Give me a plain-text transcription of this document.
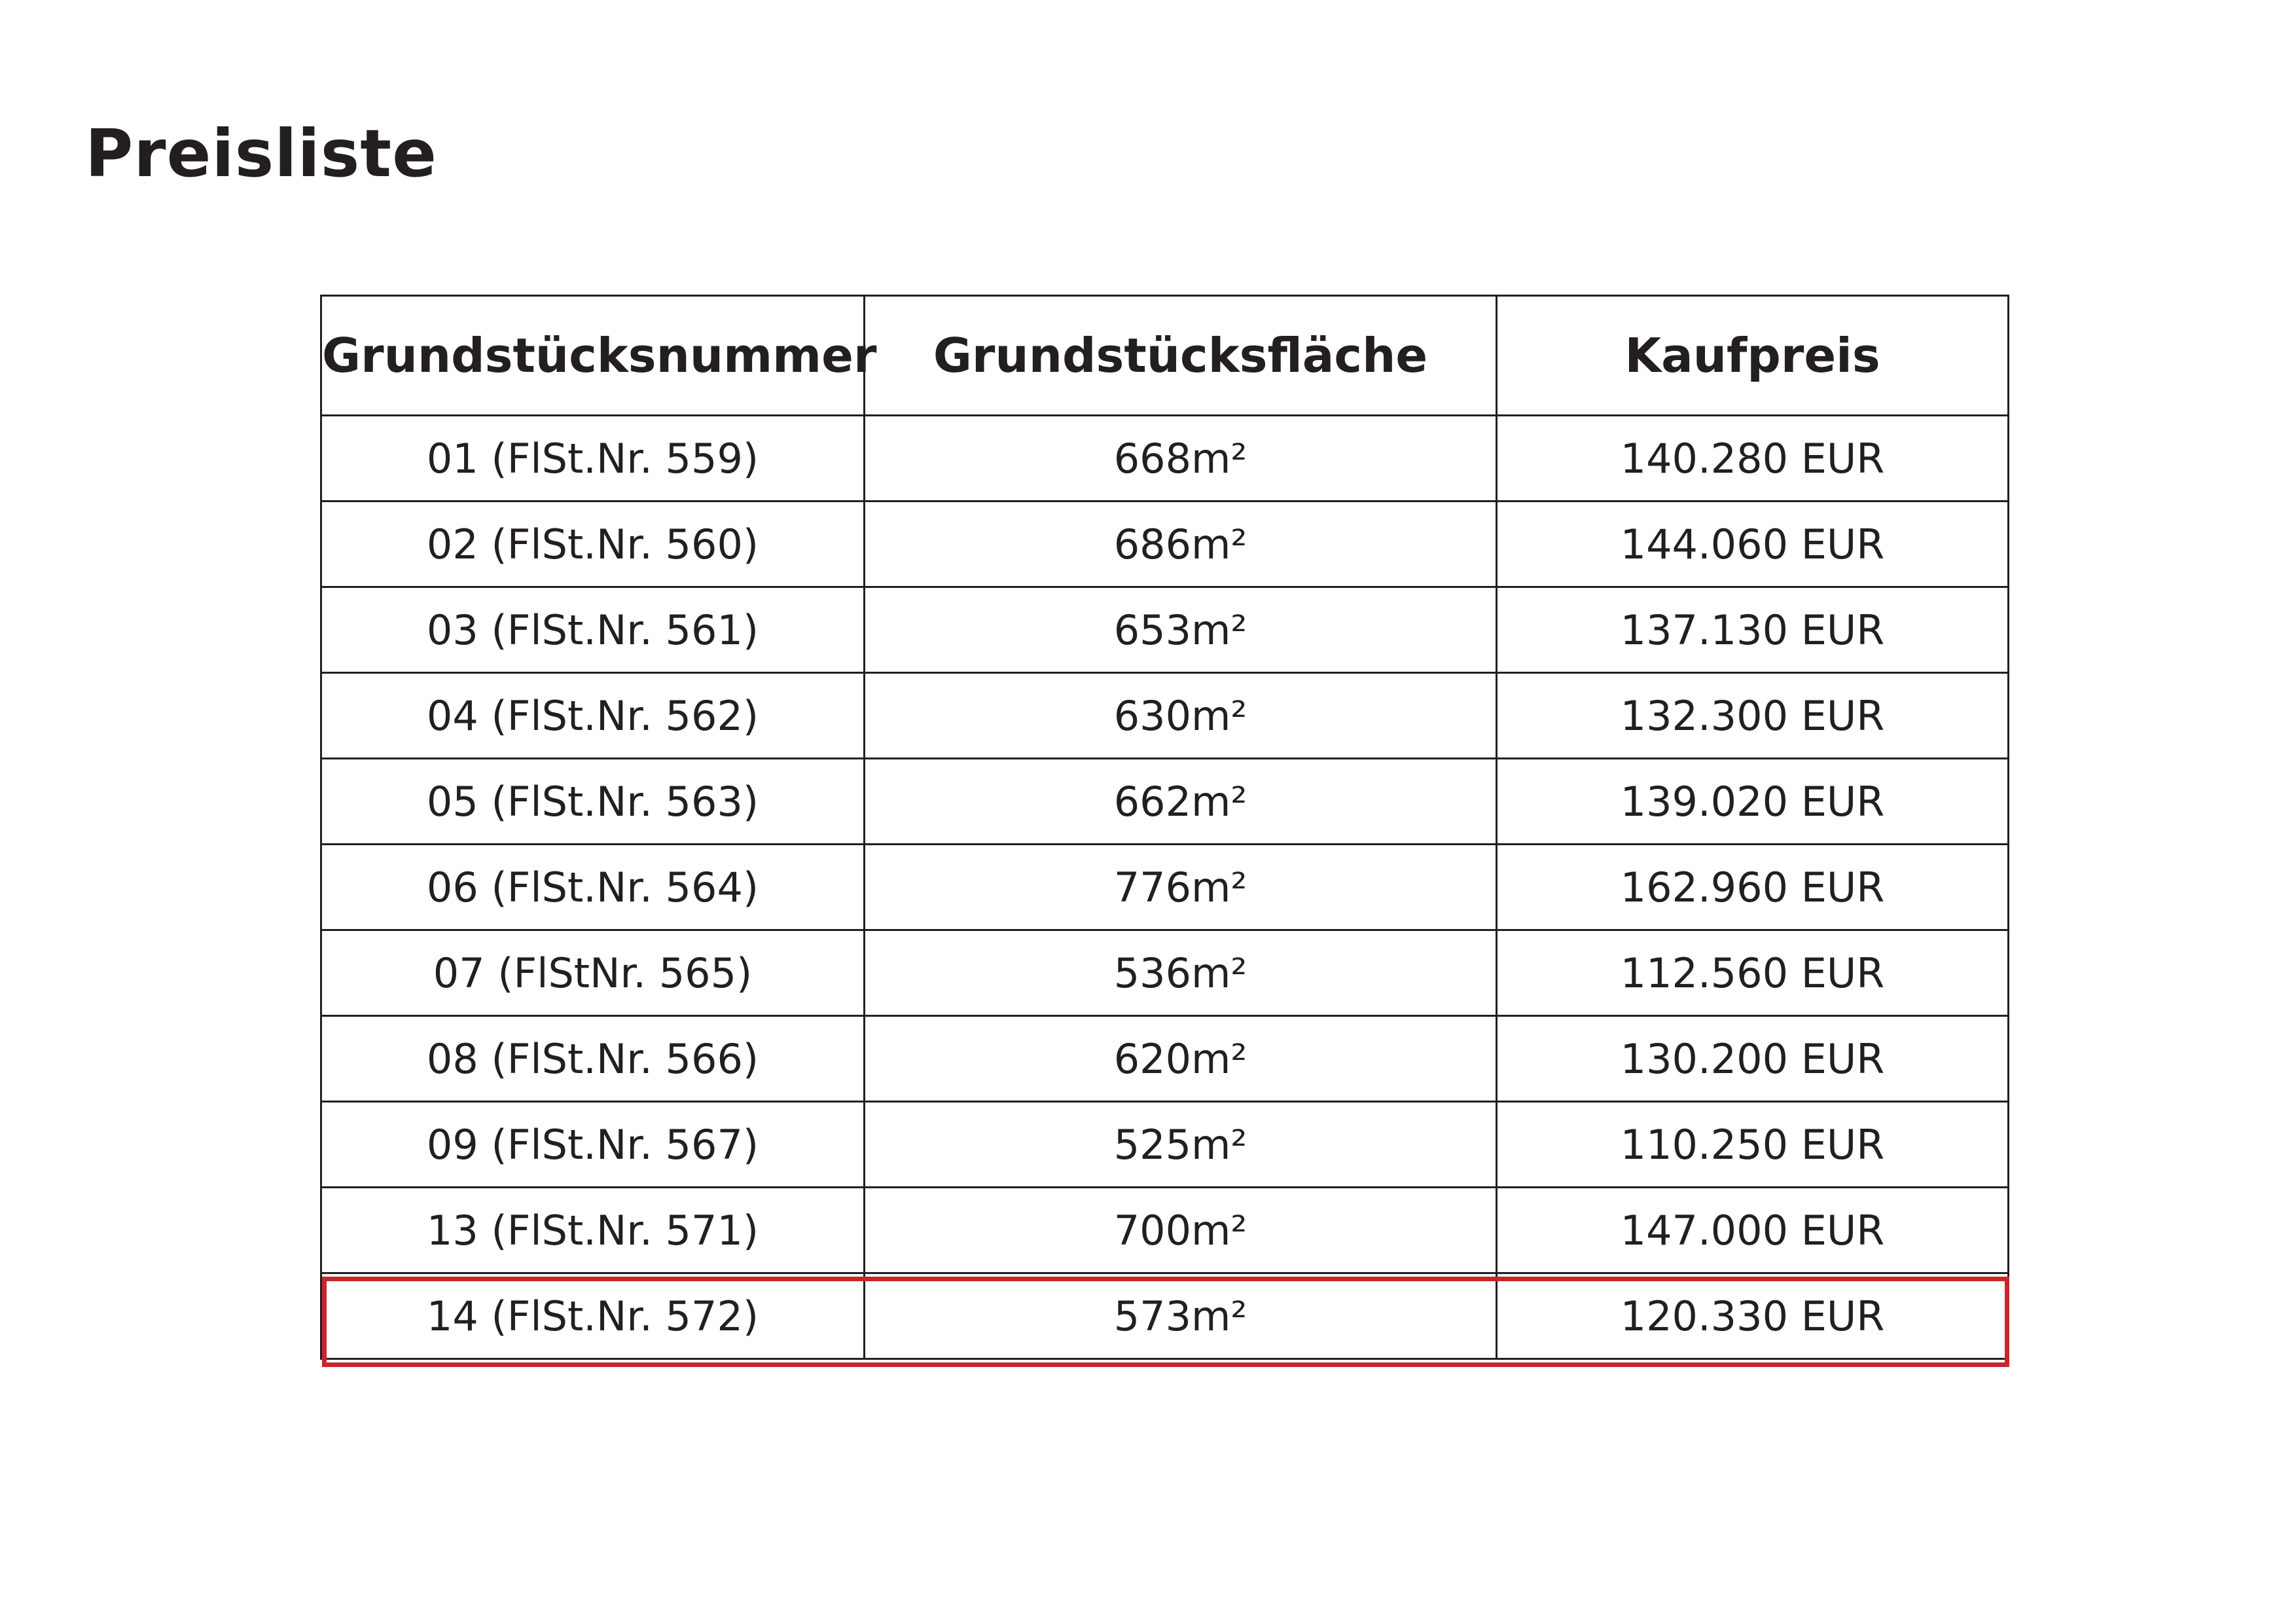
Preisliste
Grundstücksnummer	Grundstücksfläche	Kaufpreis
01 (FlSt.Nr. 559)	668m²	140.280 EUR
02 (FlSt.Nr. 560)	686m²	144.060 EUR
03 (FlSt.Nr. 561)	653m²	137.130 EUR
04 (FlSt.Nr. 562)	630m²	132.300 EUR
05 (FlSt.Nr. 563)	662m²	139.020 EUR
06 (FlSt.Nr. 564)	776m²	162.960 EUR
07 (FlStNr. 565)	536m²	112.560 EUR
08 (FlSt.Nr. 566)	620m²	130.200 EUR
09 (FlSt.Nr. 567)	525m²	110.250 EUR
13 (FlSt.Nr. 571)	700m²	147.000 EUR
14 (FlSt.Nr. 572)	573m²	120.330 EUR
